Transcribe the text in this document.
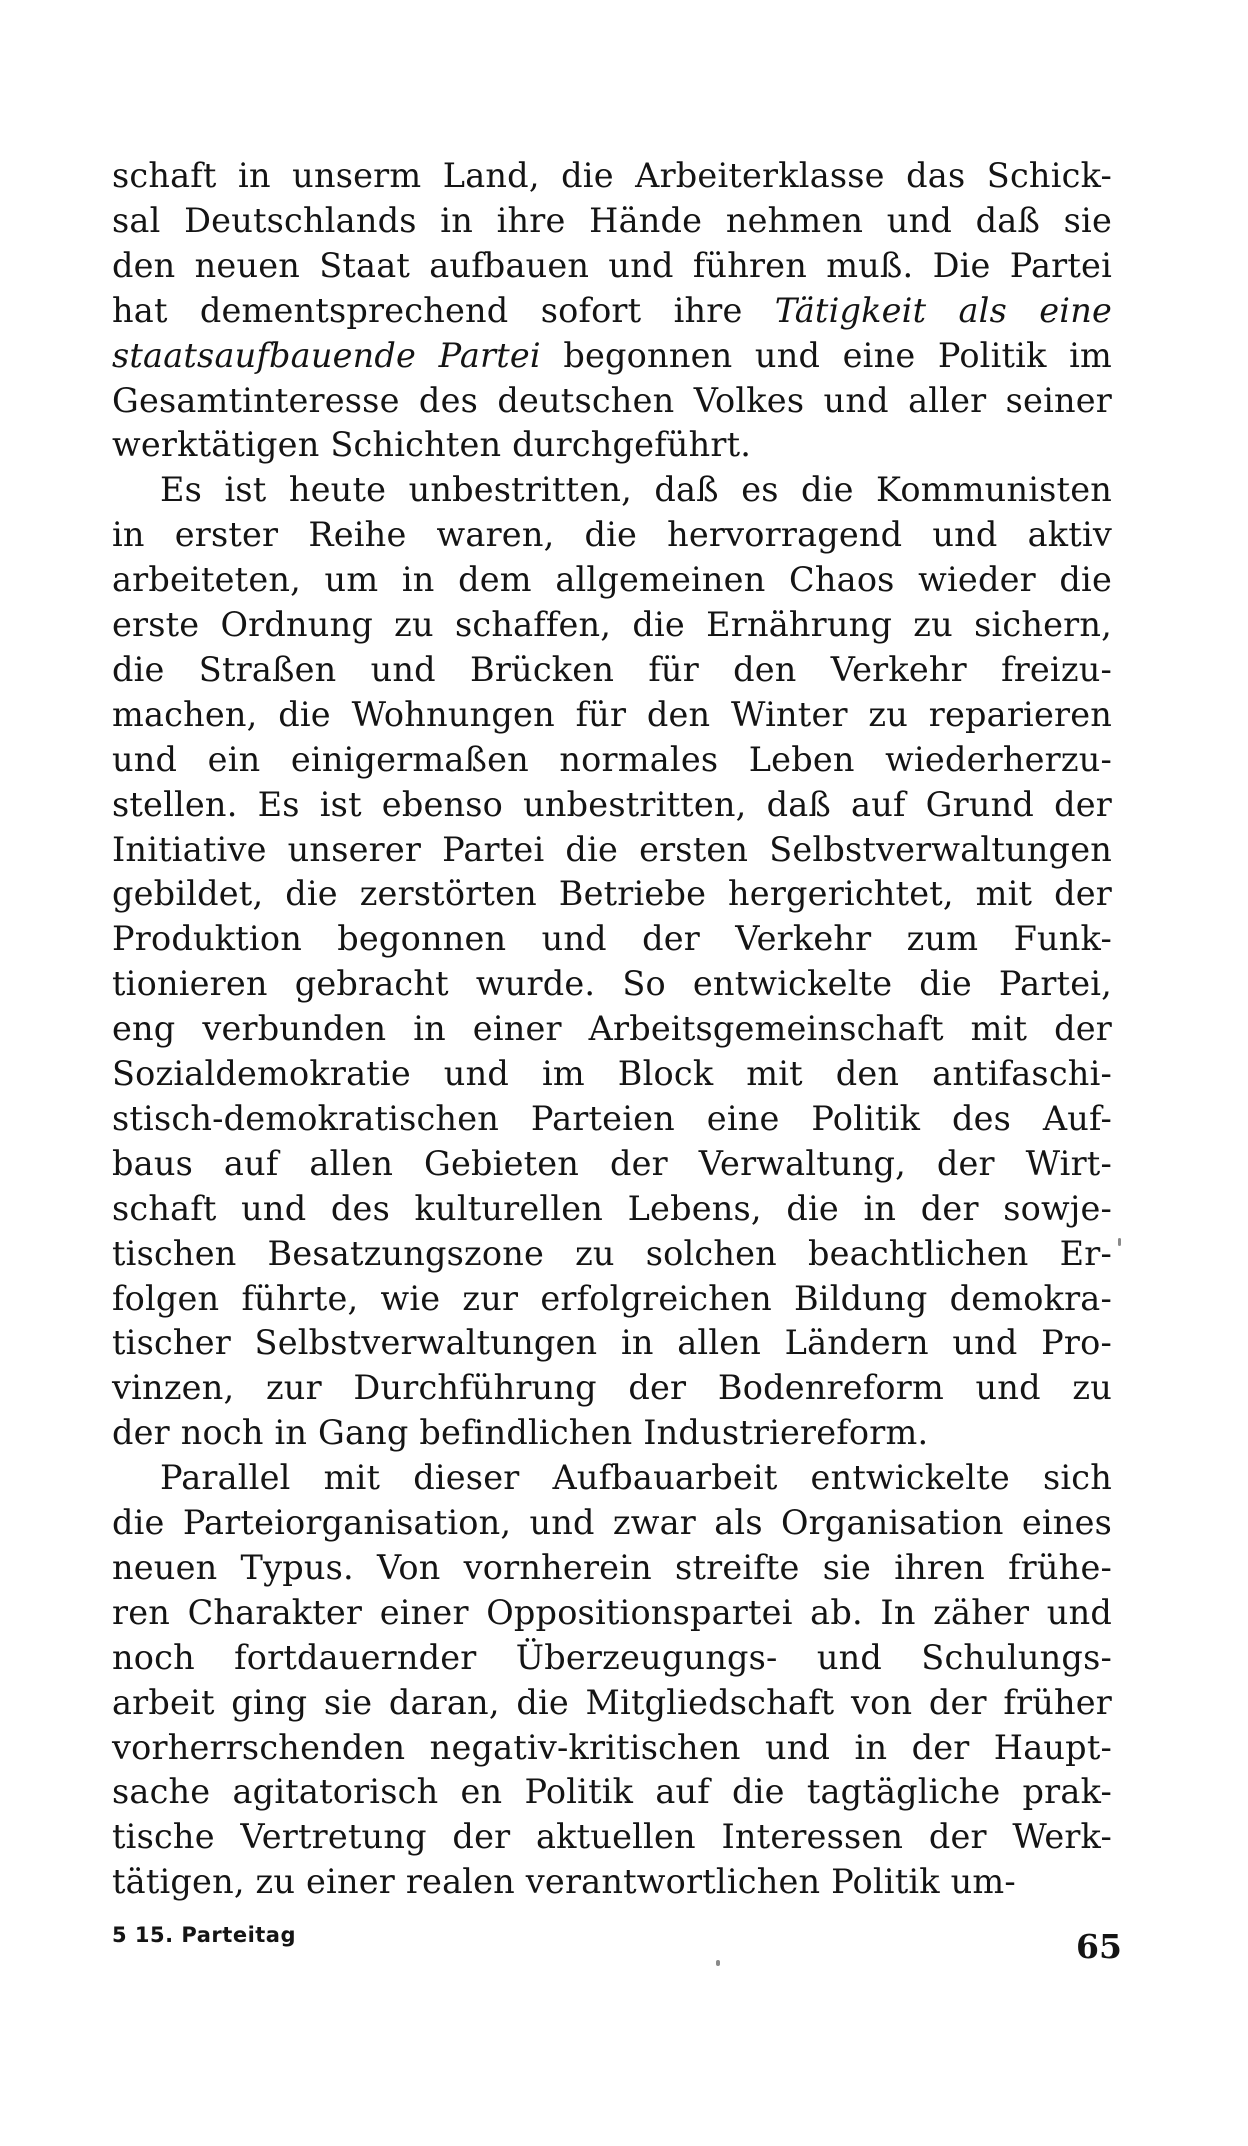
schaft in unserm Land, die Arbeiterklasse das Schick-
sal Deutschlands in ihre Hände nehmen und daß sie
den neuen Staat aufbauen und führen muß. Die Partei
hat dementsprechend sofort ihre Tätigkeit als eine
staatsaufbauende Partei begonnen und eine Politik im
Gesamtinteresse des deutschen Volkes und aller seiner
werktätigen Schichten durchgeführt.
Es ist heute unbestritten, daß es die Kommunisten
in erster Reihe waren, die hervorragend und aktiv
arbeiteten, um in dem allgemeinen Chaos wieder die
erste Ordnung zu schaffen, die Ernährung zu sichern,
die Straßen und Brücken für den Verkehr freizu-
machen, die Wohnungen für den Winter zu reparieren
und ein einigermaßen normales Leben wiederherzu-
stellen. Es ist ebenso unbestritten, daß auf Grund der
Initiative unserer Partei die ersten Selbstverwaltungen
gebildet, die zerstörten Betriebe hergerichtet, mit der
Produktion begonnen und der Verkehr zum Funk-
tionieren gebracht wurde. So entwickelte die Partei,
eng verbunden in einer Arbeitsgemeinschaft mit der
Sozialdemokratie und im Block mit den antifaschi-
stisch-demokratischen Parteien eine Politik des Auf-
baus auf allen Gebieten der Verwaltung, der Wirt-
schaft und des kulturellen Lebens, die in der sowje-
tischen Besatzungszone zu solchen beachtlichen Er-
folgen führte, wie zur erfolgreichen Bildung demokra-
tischer Selbstverwaltungen in allen Ländern und Pro-
vinzen, zur Durchführung der Bodenreform und zu
der noch in Gang befindlichen Industriereform.
Parallel mit dieser Aufbauarbeit entwickelte sich
die Parteiorganisation, und zwar als Organisation eines
neuen Typus. Von vornherein streifte sie ihren frühe-
ren Charakter einer Oppositionspartei ab. In zäher und
noch fortdauernder Überzeugungs- und Schulungs-
arbeit ging sie daran, die Mitgliedschaft von der früher
vorherrschenden negativ-kritischen und in der Haupt-
sache agitatorisch en Politik auf die tagtägliche prak-
tische Vertretung der aktuellen Interessen der Werk-
tätigen, zu einer realen verantwortlichen Politik um-
5 15. Parteitag	65
